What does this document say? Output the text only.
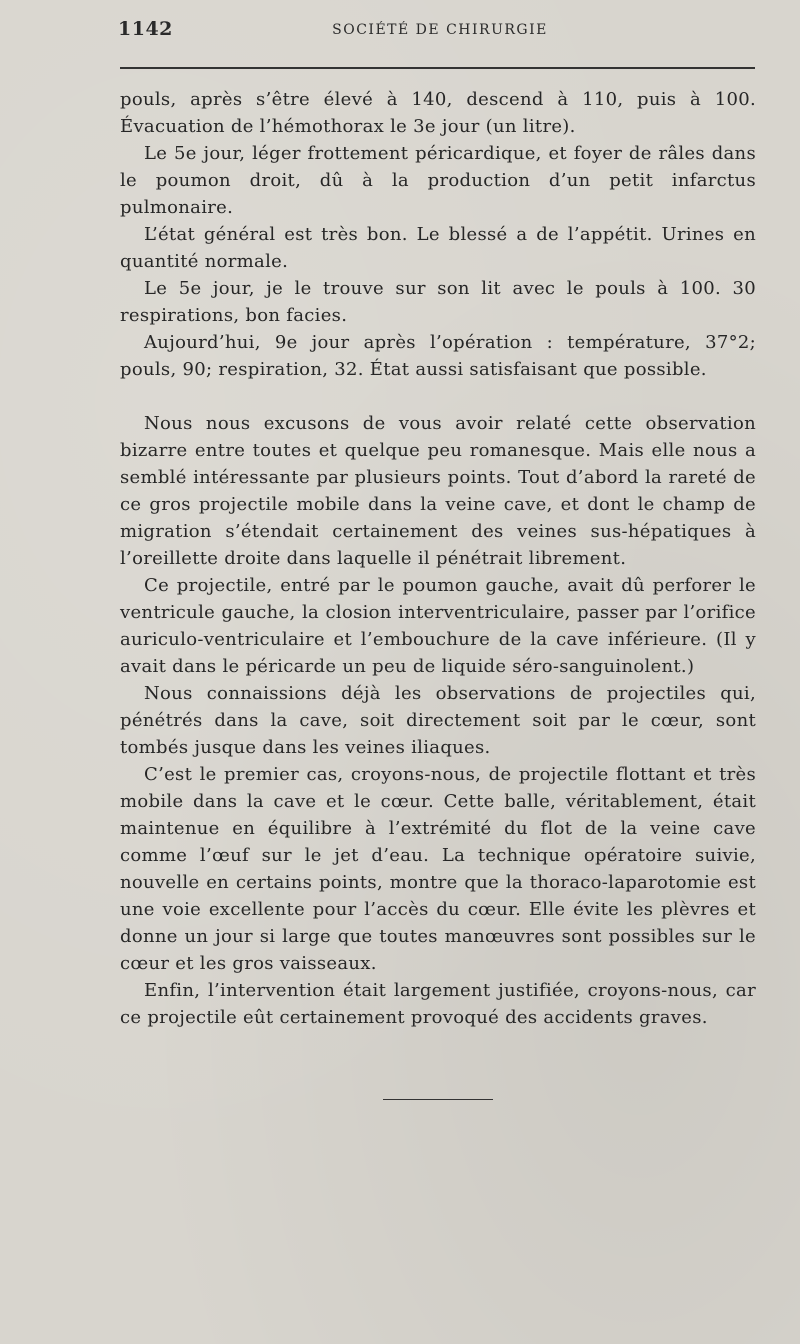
1142	SOCIÉTÉ DE CHIRURGIE

pouls, après s’être élevé à 140, descend à 110, puis à 100. Évacuation de l’hémothorax le 3e jour (un litre).

Le 5e jour, léger frottement péricardique, et foyer de râles dans le poumon droit, dû à la production d’un petit infarctus pulmonaire.

L’état général est très bon. Le blessé a de l’appétit. Urines en quantité normale.

Le 5e jour, je le trouve sur son lit avec le pouls à 100. 30 respirations, bon facies.

Aujourd’hui, 9e jour après l’opération : température, 37°2; pouls, 90; respiration, 32. État aussi satisfaisant que possible.

Nous nous excusons de vous avoir relaté cette observation bizarre entre toutes et quelque peu romanesque. Mais elle nous a semblé intéressante par plusieurs points. Tout d’abord la rareté de ce gros projectile mobile dans la veine cave, et dont le champ de migration s’étendait certainement des veines sus-hépatiques à l’oreillette droite dans laquelle il pénétrait librement.

Ce projectile, entré par le poumon gauche, avait dû perforer le ventricule gauche, la closion interventriculaire, passer par l’orifice auriculo-ventriculaire et l’embouchure de la cave inférieure. (Il y avait dans le péricarde un peu de liquide séro-sanguinolent.)

Nous connaissions déjà les observations de projectiles qui, pénétrés dans la cave, soit directement soit par le cœur, sont tombés jusque dans les veines iliaques.

C’est le premier cas, croyons-nous, de projectile flottant et très mobile dans la cave et le cœur. Cette balle, véritablement, était maintenue en équilibre à l’extrémité du flot de la veine cave comme l’œuf sur le jet d’eau. La technique opératoire suivie, nouvelle en certains points, montre que la thoraco-laparotomie est une voie excellente pour l’accès du cœur. Elle évite les plèvres et donne un jour si large que toutes manœuvres sont possibles sur le cœur et les gros vaisseaux.

Enfin, l’intervention était largement justifiée, croyons-nous, car ce projectile eût certainement provoqué des accidents graves.
